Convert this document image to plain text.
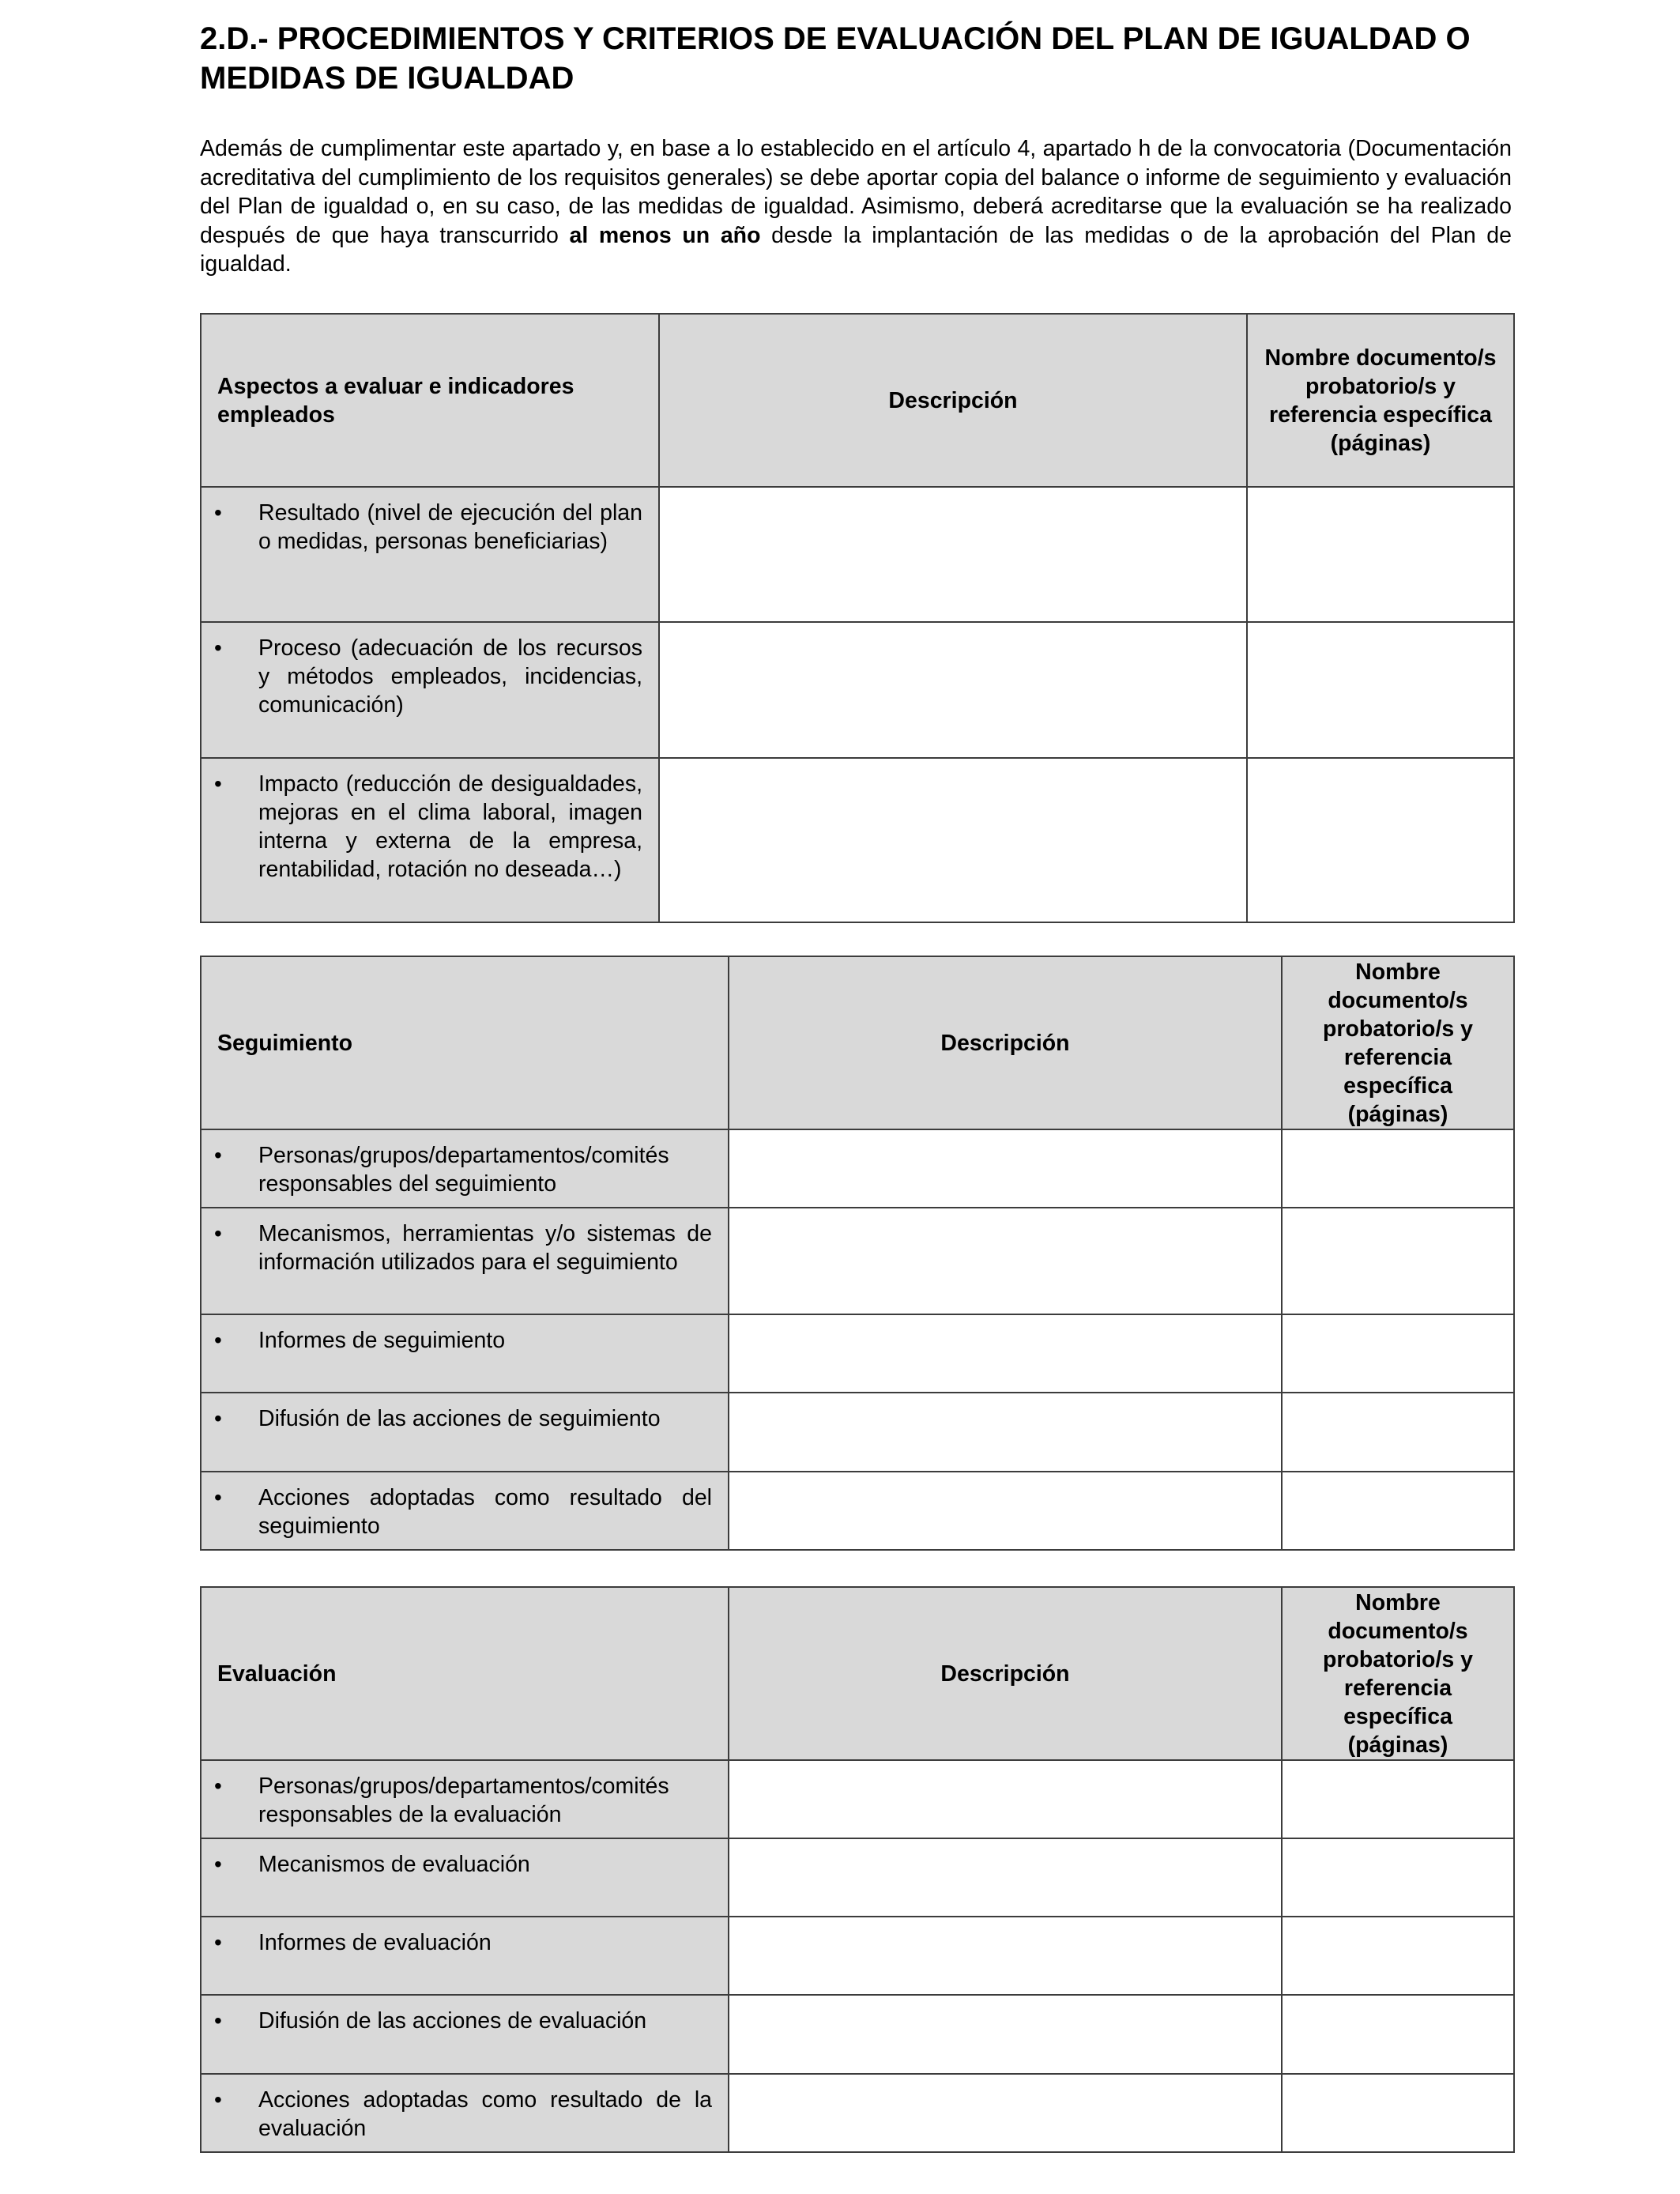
2.D.- PROCEDIMIENTOS Y CRITERIOS DE EVALUACIÓN DEL PLAN DE IGUALDAD O MEDIDAS DE IGUALDAD

Además de cumplimentar este apartado y, en base a lo establecido en el artículo 4, apartado h de la convocatoria (Documentación acreditativa del cumplimiento de los requisitos generales) se debe aportar copia del balance o informe de seguimiento y evaluación del Plan de igualdad o, en su caso, de las medidas de igualdad. Asimismo, deberá acreditarse que la evaluación se ha realizado después de que haya transcurrido al menos un año desde la implantación de las medidas o de la aprobación del Plan de igualdad.

Aspectos a evaluar e indicadores empleados	Descripción	Nombre documento/s probatorio/s y referencia específica (páginas)

• Resultado (nivel de ejecución del plan o medidas, personas beneficiarias)		

• Proceso (adecuación de los recursos y métodos empleados, incidencias, comunicación)		

• Impacto (reducción de desigualdades, mejoras en el clima laboral, imagen interna y externa de la empresa, rentabilidad, rotación no deseada…)		

Seguimiento	Descripción	Nombre documento/s probatorio/s y referencia específica (páginas)

• Personas/grupos/departamentos/comités responsables del seguimiento		

• Mecanismos, herramientas y/o sistemas de información utilizados para el seguimiento		

• Informes de seguimiento		

• Difusión de las acciones de seguimiento		

• Acciones adoptadas como resultado del seguimiento		

Evaluación	Descripción	Nombre documento/s probatorio/s y referencia específica (páginas)

• Personas/grupos/departamentos/comités responsables de la evaluación		

• Mecanismos de evaluación		

• Informes de evaluación		

• Difusión de las acciones de evaluación		

• Acciones adoptadas como resultado de la evaluación		
